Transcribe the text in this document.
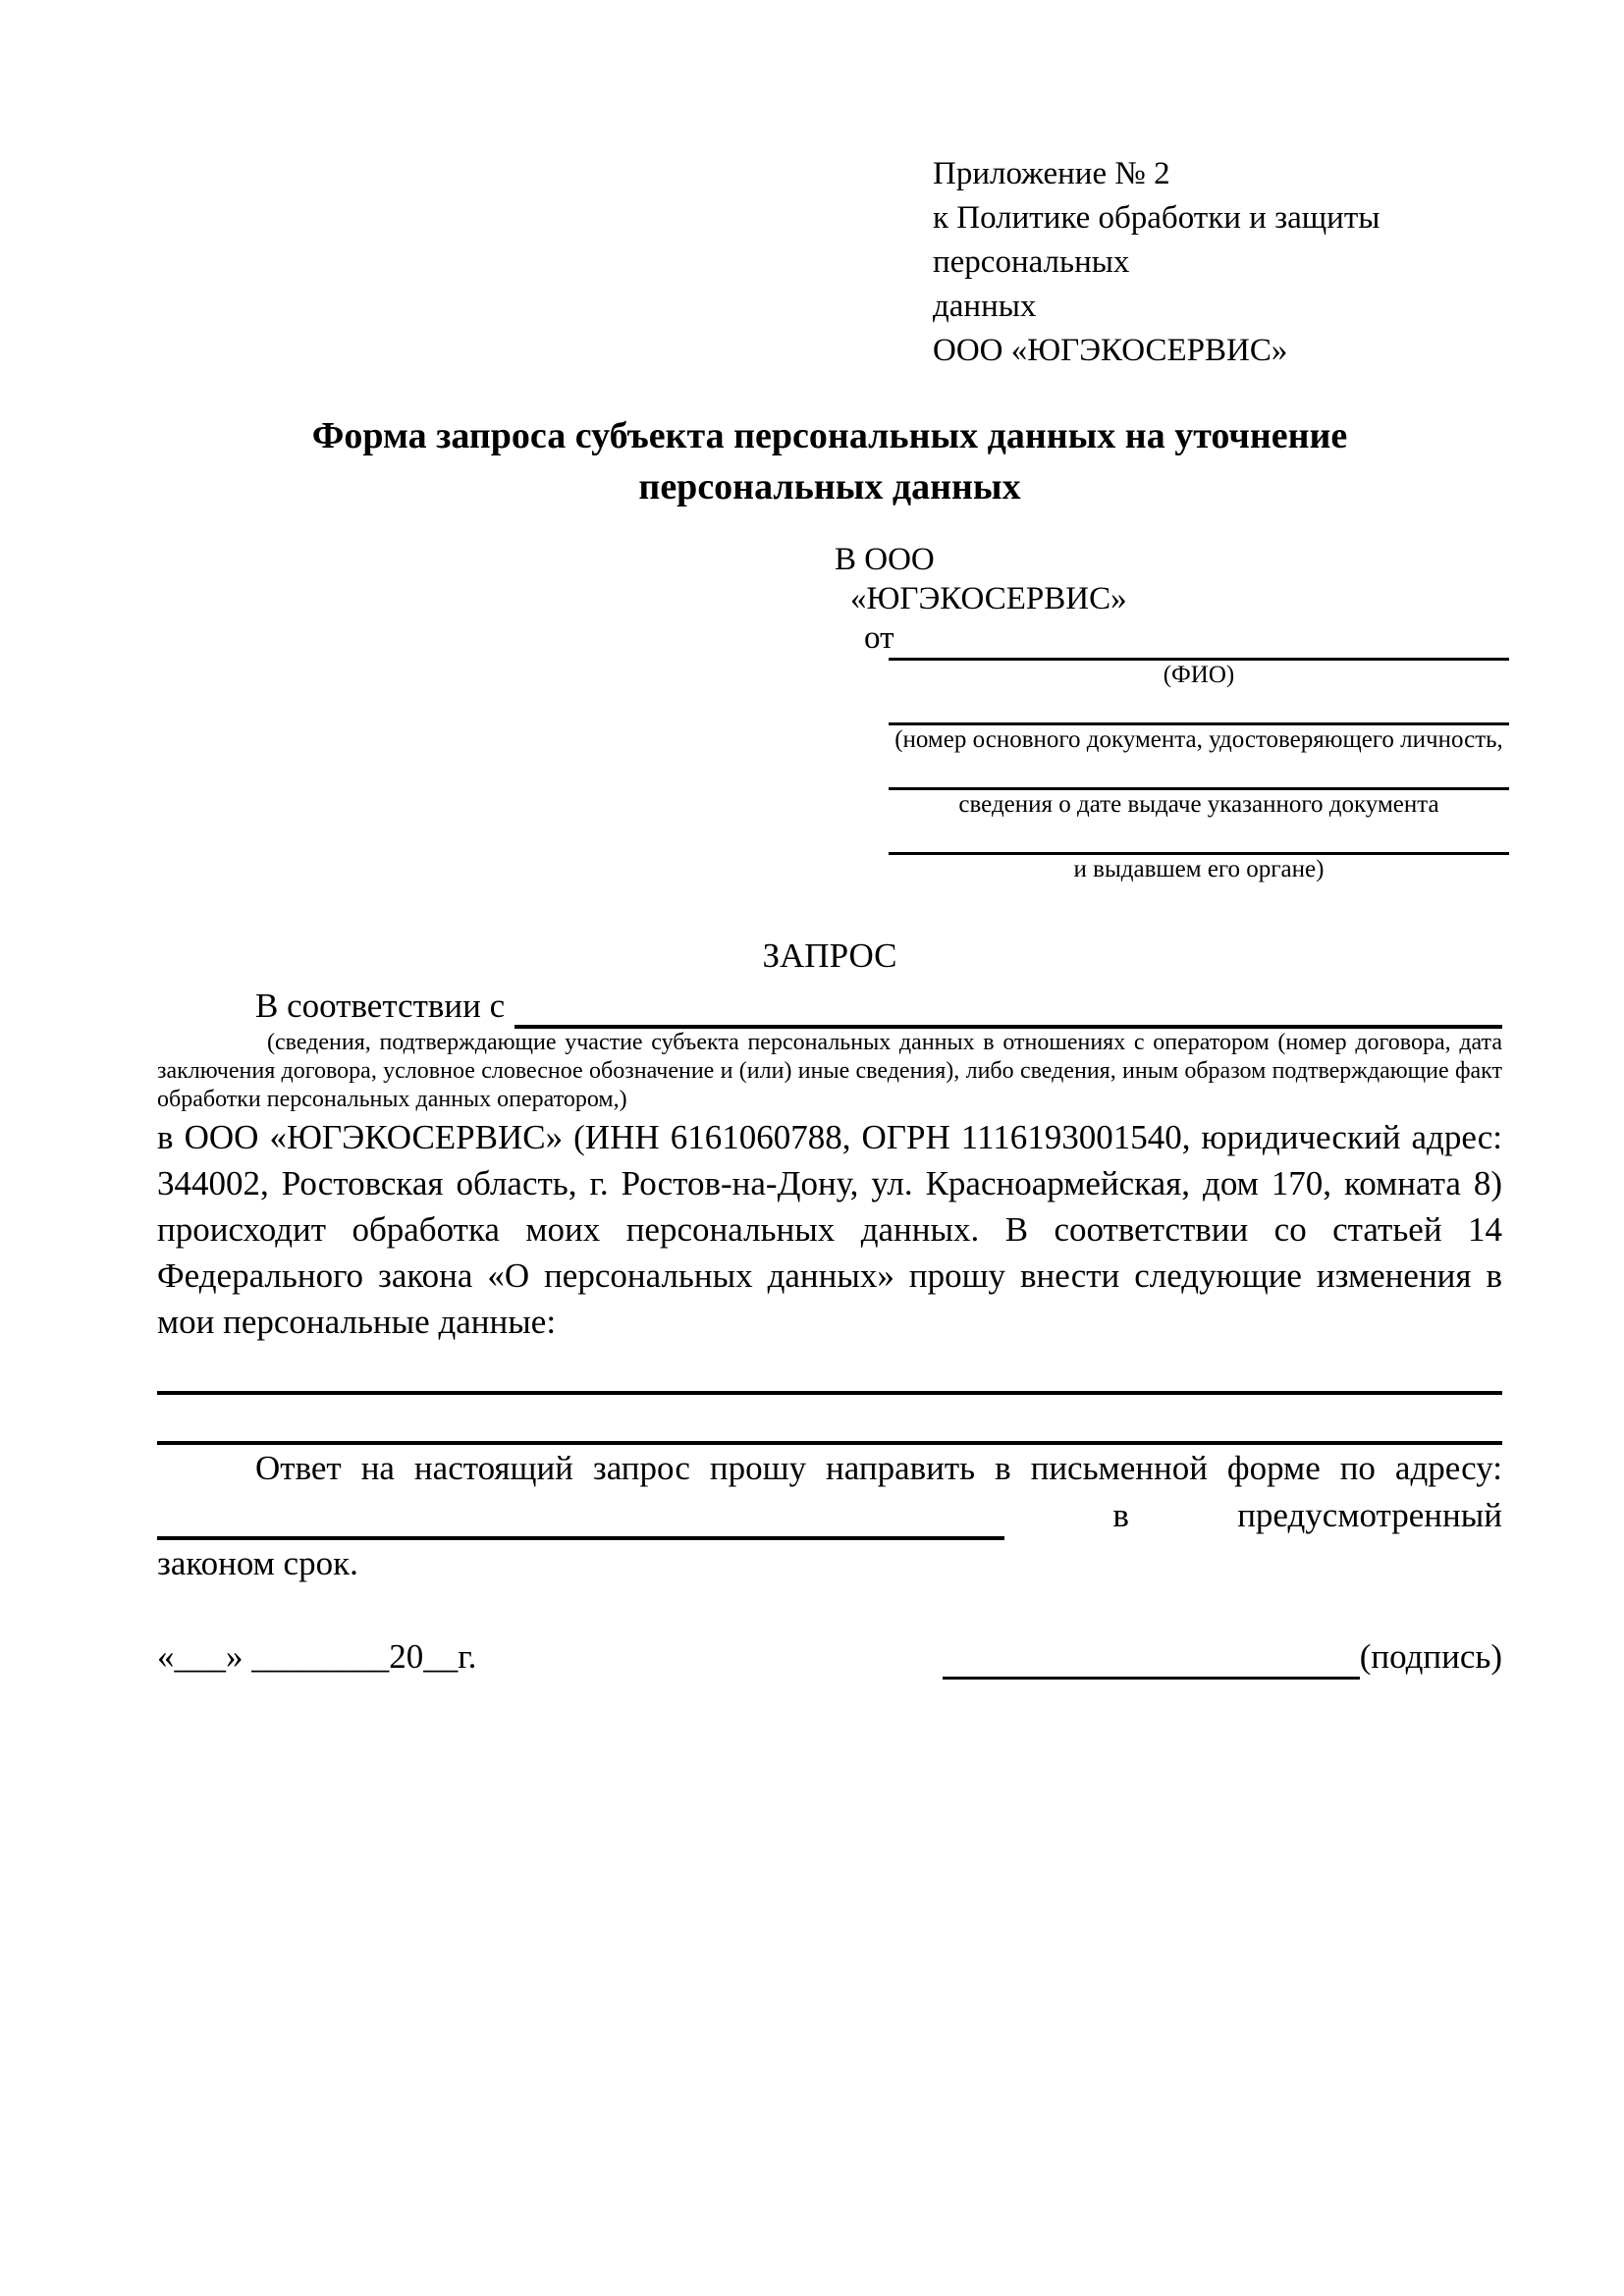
Приложение № 2
к Политике обработки и защиты персональных
данных
ООО «ЮГЭКОСЕРВИС»
Форма запроса субъекта персональных данных на уточнение
персональных данных
В ООО
«ЮГЭКОСЕРВИС»
от
(ФИО)
(номер основного документа, удостоверяющего личность,
сведения о дате выдаче указанного документа
и выдавшем его органе)
ЗАПРОС
В соответствии с

(сведения, подтверждающие участие субъекта персональных данных в отношениях с оператором (номер договора, дата заключения договора, условное словесное обозначение и (или) иные сведения), либо сведения, иным образом подтверждающие факт обработки персональных данных оператором,)

в ООО «ЮГЭКОСЕРВИС» (ИНН 6161060788, ОГРН 1116193001540, юридический адрес: 344002, Ростовская область, г. Ростов-на-Дону, ул. Красноармейская, дом 170, комната 8) происходит обработка моих персональных данных. В соответствии со статьей 14 Федерального закона «О персональных данных» прошу внести следующие изменения в мои персональные данные:

Ответ на настоящий запрос прошу направить в письменной форме по адресу:

в	предусмотренный

законом срок.

«___» ________20__г.	(подпись)
